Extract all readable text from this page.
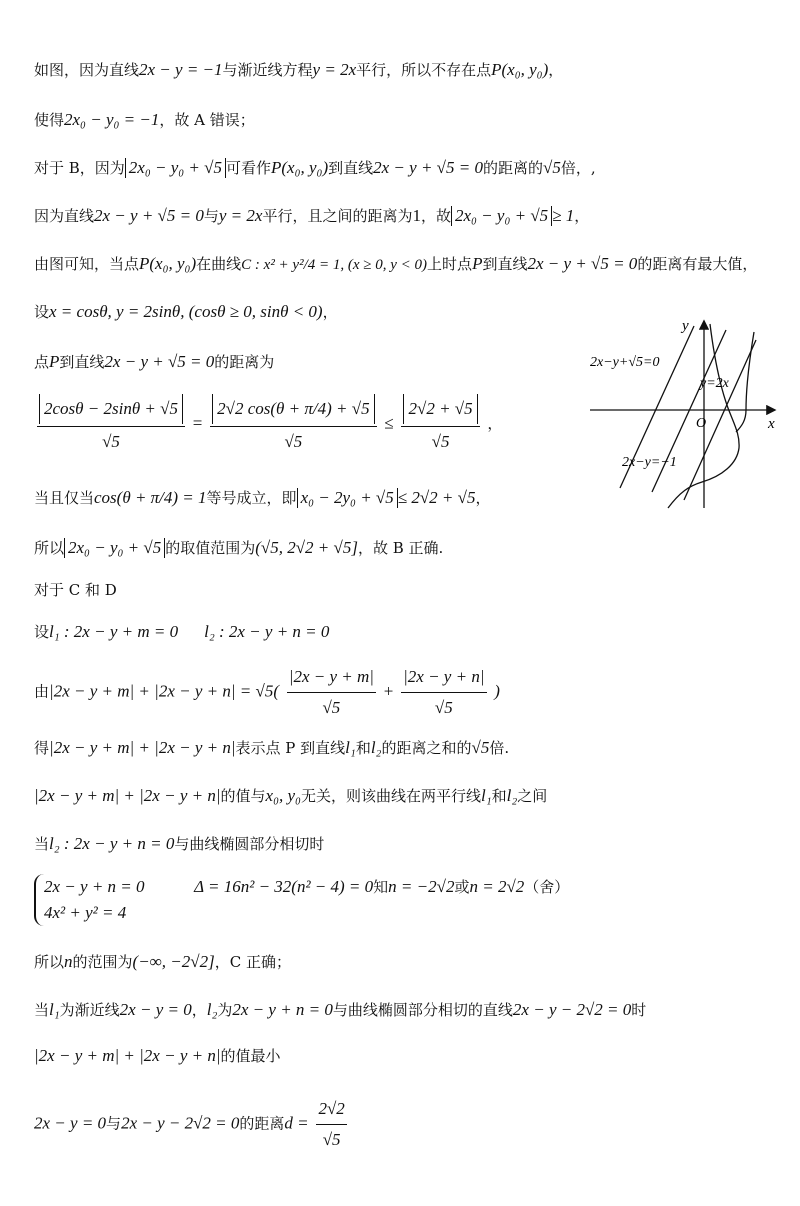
如图，因为直线2x − y = −1与渐近线方程y = 2x平行，所以不存在点P(x₀, y₀)，
使得2x₀ − y₀ = −1，故 A 错误；
对于 B，因为 2x₀ − y₀ + √5 可看作P(x₀, y₀)到直线2x − y + √5 = 0的距离的√5倍，,
因为直线2x − y + √5 = 0与y = 2x平行，且之间的距离为1，故 2x₀ − y₀ + √5 ≥ 1，
由图可知，当点P(x₀, y₀)在曲线C : x² + y²/4 = 1, (x ≥ 0, y < 0)上时点P到直线2x − y + √5 = 0的距离有最大值，
设x = cosθ, y = 2sinθ, (cosθ ≥ 0, sinθ < 0)，
点P到直线2x − y + √5 = 0的距离为
$\frac{2\cos\theta - 2\sin\theta + √5}{√5} = \frac{2√2 \cos(\theta + \pi/4) + √5}{√5} \le \frac{2√2 + √5}{√5}$ ，
当且仅当cos(θ + π/4) = 1等号成立，即 x₀ − 2y₀ + √5 ≤ 2√2 + √5，
所以 2x₀ − y₀ + √5 的取值范围为(√5, 2√2 + √5]，故 B 正确.
对于 C 和 D
设l₁ : 2x − y + m = 0 l₂ : 2x − y + n = 0
由$|2x - y + m| + |2x - y + n| = √5( \frac{|2x - y + m|}{√5} + \frac{|2x - y + n|}{√5}$ )
得|2x − y + m| + |2x − y + n|表示点 P 到直线l₁和l₂的距离之和的√5倍.
|2x − y + m| + |2x − y + n|的值与x₀, y₀无关，则该曲线在两平行线l₁和l₂之间
当l₂ : 2x − y + n = 0与曲线椭圆部分相切时
2x − y + n = 0
4x² + y² = 4
Δ = 16n² − 32(n² − 4) = 0知n = −2√2或n = 2√2（舍）
所以n的范围为(−∞, −2√2]，C 正确；
当l₁为渐近线2x − y = 0，l₂为2x − y + n = 0与曲线椭圆部分相切的直线2x − y − 2√2 = 0时
|2x − y + m| + |2x − y + n|的值最小
2x − y = 0与2x − y − 2√2 = 0的距离$d = \frac{2√2}{√5}$
y
x
O
2x−y+√5=0
y=2x
2x−y=−1
